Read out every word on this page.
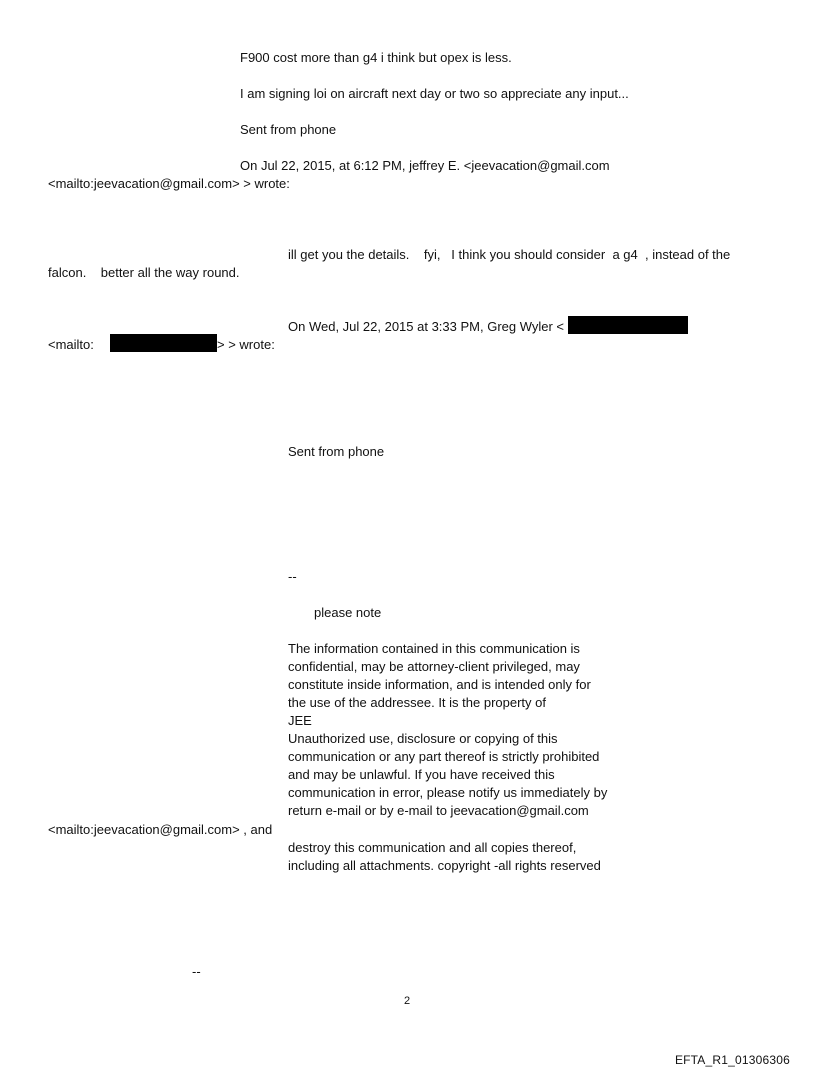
F900 cost more than g4 i think but opex is less.

I am signing loi on aircraft next day or two so appreciate any input...

Sent from phone

On Jul 22, 2015, at 6:12 PM, jeffrey E. <jeevacation@gmail.com

<mailto:jeevacation@gmail.com> > wrote:

ill get you the details.    fyi,   I think you should consider  a g4  , instead of the

falcon.    better all the way round.

On Wed, Jul 22, 2015 at 3:33 PM, Greg Wyler <

<mailto:	> > wrote:

Sent from phone

--

please note

The information contained in this communication is
confidential, may be attorney-client privileged, may
constitute inside information, and is intended only for
the use of the addressee. It is the property of
JEE
Unauthorized use, disclosure or copying of this
communication or any part thereof is strictly prohibited
and may be unlawful. If you have received this
communication in error, please notify us immediately by
return e-mail or by e-mail to jeevacation@gmail.com

<mailto:jeevacation@gmail.com> , and

destroy this communication and all copies thereof,

including all attachments. copyright -all rights reserved

--

2
EFTA_R1_01306306
